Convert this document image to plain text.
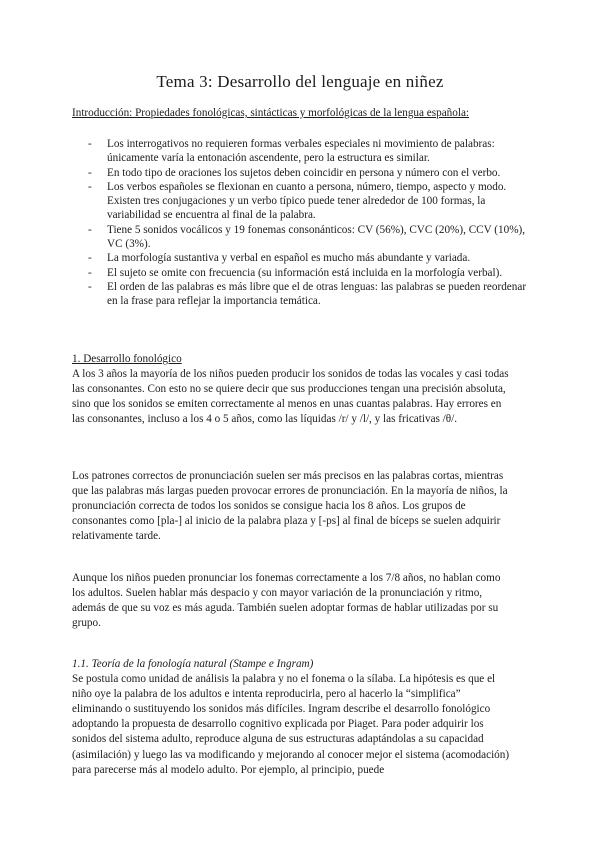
Tema 3: Desarrollo del lenguaje en niñez

Introducción: Propiedades fonológicas, sintácticas y morfológicas de la lengua española:

- Los interrogativos no requieren formas verbales especiales ni movimiento de palabras: únicamente varía la entonación ascendente, pero la estructura es similar.
- En todo tipo de oraciones los sujetos deben coincidir en persona y número con el verbo.
- Los verbos españoles se flexionan en cuanto a persona, número, tiempo, aspecto y modo. Existen tres conjugaciones y un verbo típico puede tener alrededor de 100 formas, la variabilidad se encuentra al final de la palabra.
- Tiene 5 sonidos vocálicos y 19 fonemas consonánticos: CV (56%), CVC (20%), CCV (10%), VC (3%).
- La morfología sustantiva y verbal en español es mucho más abundante y variada.
- El sujeto se omite con frecuencia (su información está incluida en la morfología verbal).
- El orden de las palabras es más libre que el de otras lenguas: las palabras se pueden reordenar en la frase para reflejar la importancia temática.
1. Desarrollo fonológico
A los 3 años la mayoría de los niños pueden producir los sonidos de todas las vocales y casi todas las consonantes. Con esto no se quiere decir que sus producciones tengan una precisión absoluta, sino que los sonidos se emiten correctamente al menos en unas cuantas palabras. Hay errores en las consonantes, incluso a los 4 o 5 años, como las líquidas /r/ y /l/, y las fricativas /θ/.
Los patrones correctos de pronunciación suelen ser más precisos en las palabras cortas, mientras que las palabras más largas pueden provocar errores de pronunciación. En la mayoría de niños, la pronunciación correcta de todos los sonidos se consigue hacia los 8 años. Los grupos de consonantes como [pla-] al inicio de la palabra plaza y [-ps] al final de bíceps se suelen adquirir relativamente tarde.
Aunque los niños pueden pronunciar los fonemas correctamente a los 7/8 años, no hablan como los adultos. Suelen hablar más despacio y con mayor variación de la pronunciación y ritmo, además de que su voz es más aguda. También suelen adoptar formas de hablar utilizadas por su grupo.
1.1. Teoría de la fonología natural (Stampe e Ingram)
Se postula como unidad de análisis la palabra y no el fonema o la sílaba. La hipótesis es que el niño oye la palabra de los adultos e intenta reproducirla, pero al hacerlo la “simplifica” eliminando o sustituyendo los sonidos más difíciles. Ingram describe el desarrollo fonológico adoptando la propuesta de desarrollo cognitivo explicada por Piaget. Para poder adquirir los sonidos del sistema adulto, reproduce alguna de sus estructuras adaptándolas a su capacidad (asimilación) y luego las va modificando y mejorando al conocer mejor el sistema (acomodación) para parecerse más al modelo adulto. Por ejemplo, al principio, puede
